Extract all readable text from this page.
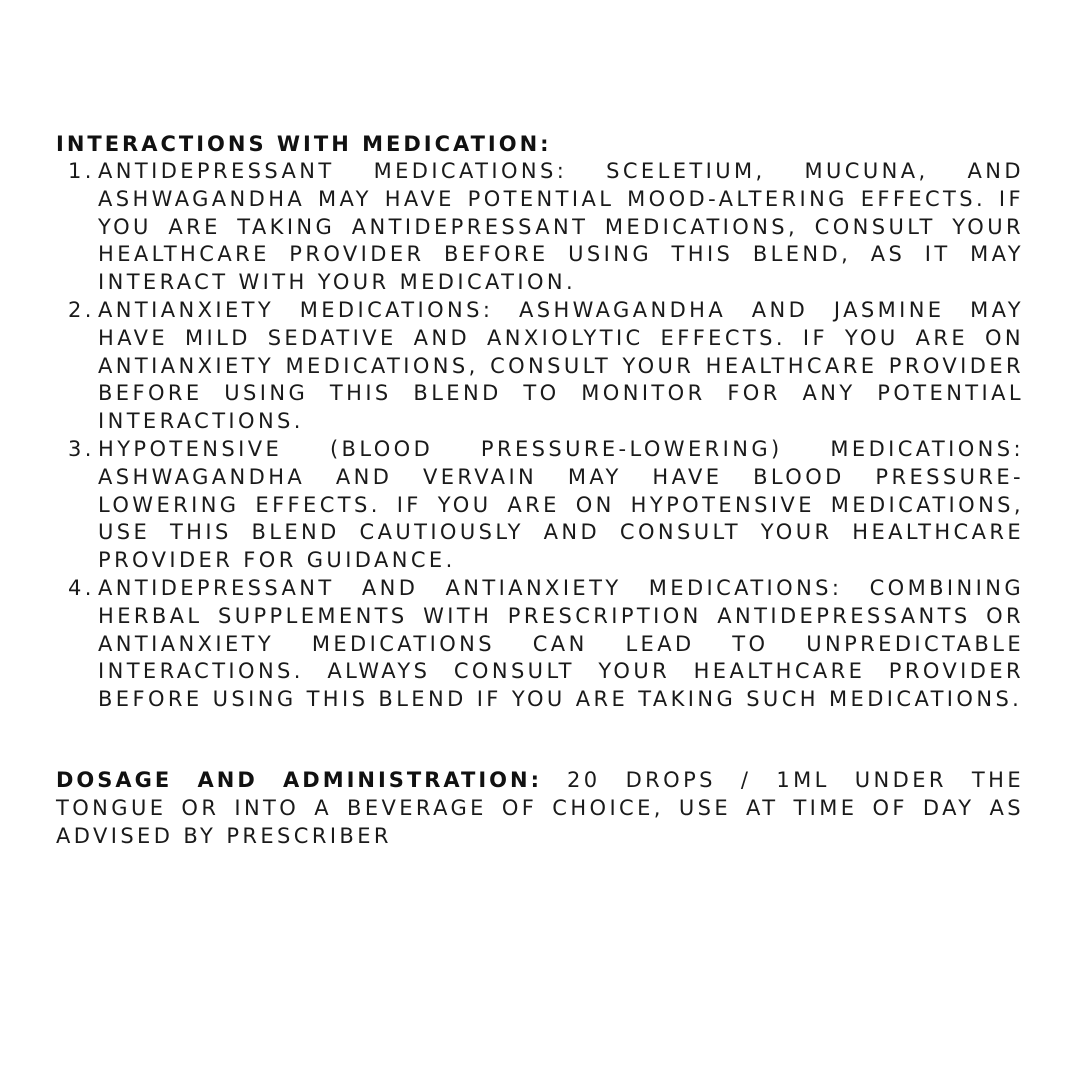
INTERACTIONS WITH MEDICATION:
1. ANTIDEPRESSANT MEDICATIONS: SCELETIUM, MUCUNA, AND ASHWAGANDHA MAY HAVE POTENTIAL MOOD-ALTERING EFFECTS. IF YOU ARE TAKING ANTIDEPRESSANT MEDICATIONS, CONSULT YOUR HEALTHCARE PROVIDER BEFORE USING THIS BLEND, AS IT MAY INTERACT WITH YOUR MEDICATION.
2. ANTIANXIETY MEDICATIONS: ASHWAGANDHA AND JASMINE MAY HAVE MILD SEDATIVE AND ANXIOLYTIC EFFECTS. IF YOU ARE ON ANTIANXIETY MEDICATIONS, CONSULT YOUR HEALTHCARE PROVIDER BEFORE USING THIS BLEND TO MONITOR FOR ANY POTENTIAL INTERACTIONS.
3. HYPOTENSIVE (BLOOD PRESSURE-LOWERING) MEDICATIONS: ASHWAGANDHA AND VERVAIN MAY HAVE BLOOD PRESSURE-LOWERING EFFECTS. IF YOU ARE ON HYPOTENSIVE MEDICATIONS, USE THIS BLEND CAUTIOUSLY AND CONSULT YOUR HEALTHCARE PROVIDER FOR GUIDANCE.
4. ANTIDEPRESSANT AND ANTIANXIETY MEDICATIONS: COMBINING HERBAL SUPPLEMENTS WITH PRESCRIPTION ANTIDEPRESSANTS OR ANTIANXIETY MEDICATIONS CAN LEAD TO UNPREDICTABLE INTERACTIONS. ALWAYS CONSULT YOUR HEALTHCARE PROVIDER BEFORE USING THIS BLEND IF YOU ARE TAKING SUCH MEDICATIONS.

DOSAGE AND ADMINISTRATION: 20 DROPS / 1ML UNDER THE TONGUE OR INTO A BEVERAGE OF CHOICE, USE AT TIME OF DAY AS ADVISED BY PRESCRIBER
